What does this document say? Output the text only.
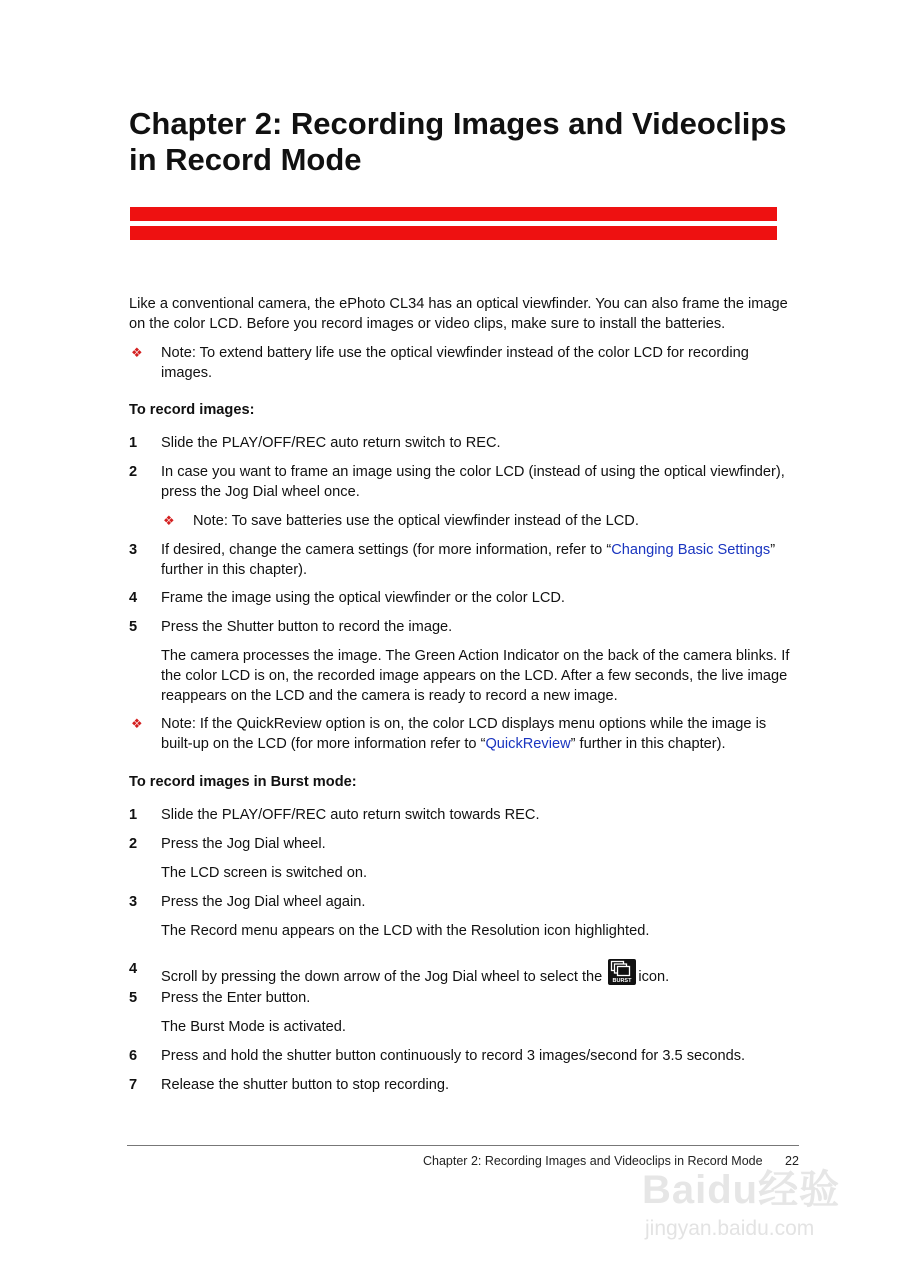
Chapter 2: Recording Images and Videoclips in Record Mode
Like a conventional camera, the ePhoto CL34 has an optical viewfinder. You can also frame the image on the color LCD. Before you record images or video clips, make sure to install the batteries.
❖ Note: To extend battery life use the optical viewfinder instead of the color LCD for recording images.
To record images:
1 Slide the PLAY/OFF/REC auto return switch to REC.
2 In case you want to frame an image using the color LCD (instead of using the optical viewfinder), press the Jog Dial wheel once.
❖ Note: To save batteries use the optical viewfinder instead of the LCD.
3 If desired, change the camera settings (for more information, refer to “Changing Basic Settings” further in this chapter).
4 Frame the image using the optical viewfinder or the color LCD.
5 Press the Shutter button to record the image.
The camera processes the image. The Green Action Indicator on the back of the camera blinks. If the color LCD is on, the recorded image appears on the LCD. After a few seconds, the live image reappears on the LCD and the camera is ready to record a new image.
❖ Note: If the QuickReview option is on, the color LCD displays menu options while the image is built-up on the LCD (for more information refer to “QuickReview” further in this chapter).
To record images in Burst mode:
1 Slide the PLAY/OFF/REC auto return switch towards REC.
2 Press the Jog Dial wheel.
The LCD screen is switched on.
3 Press the Jog Dial wheel again.
The Record menu appears on the LCD with the Resolution icon highlighted.
4 Scroll by pressing the down arrow of the Jog Dial wheel to select the BURST icon.
5 Press the Enter button.
The Burst Mode is activated.
6 Press and hold the shutter button continuously to record 3 images/second for 3.5 seconds.
7 Release the shutter button to stop recording.
Chapter 2: Recording Images and Videoclips in Record Mode 22
Baidu经验
jingyan.baidu.com
